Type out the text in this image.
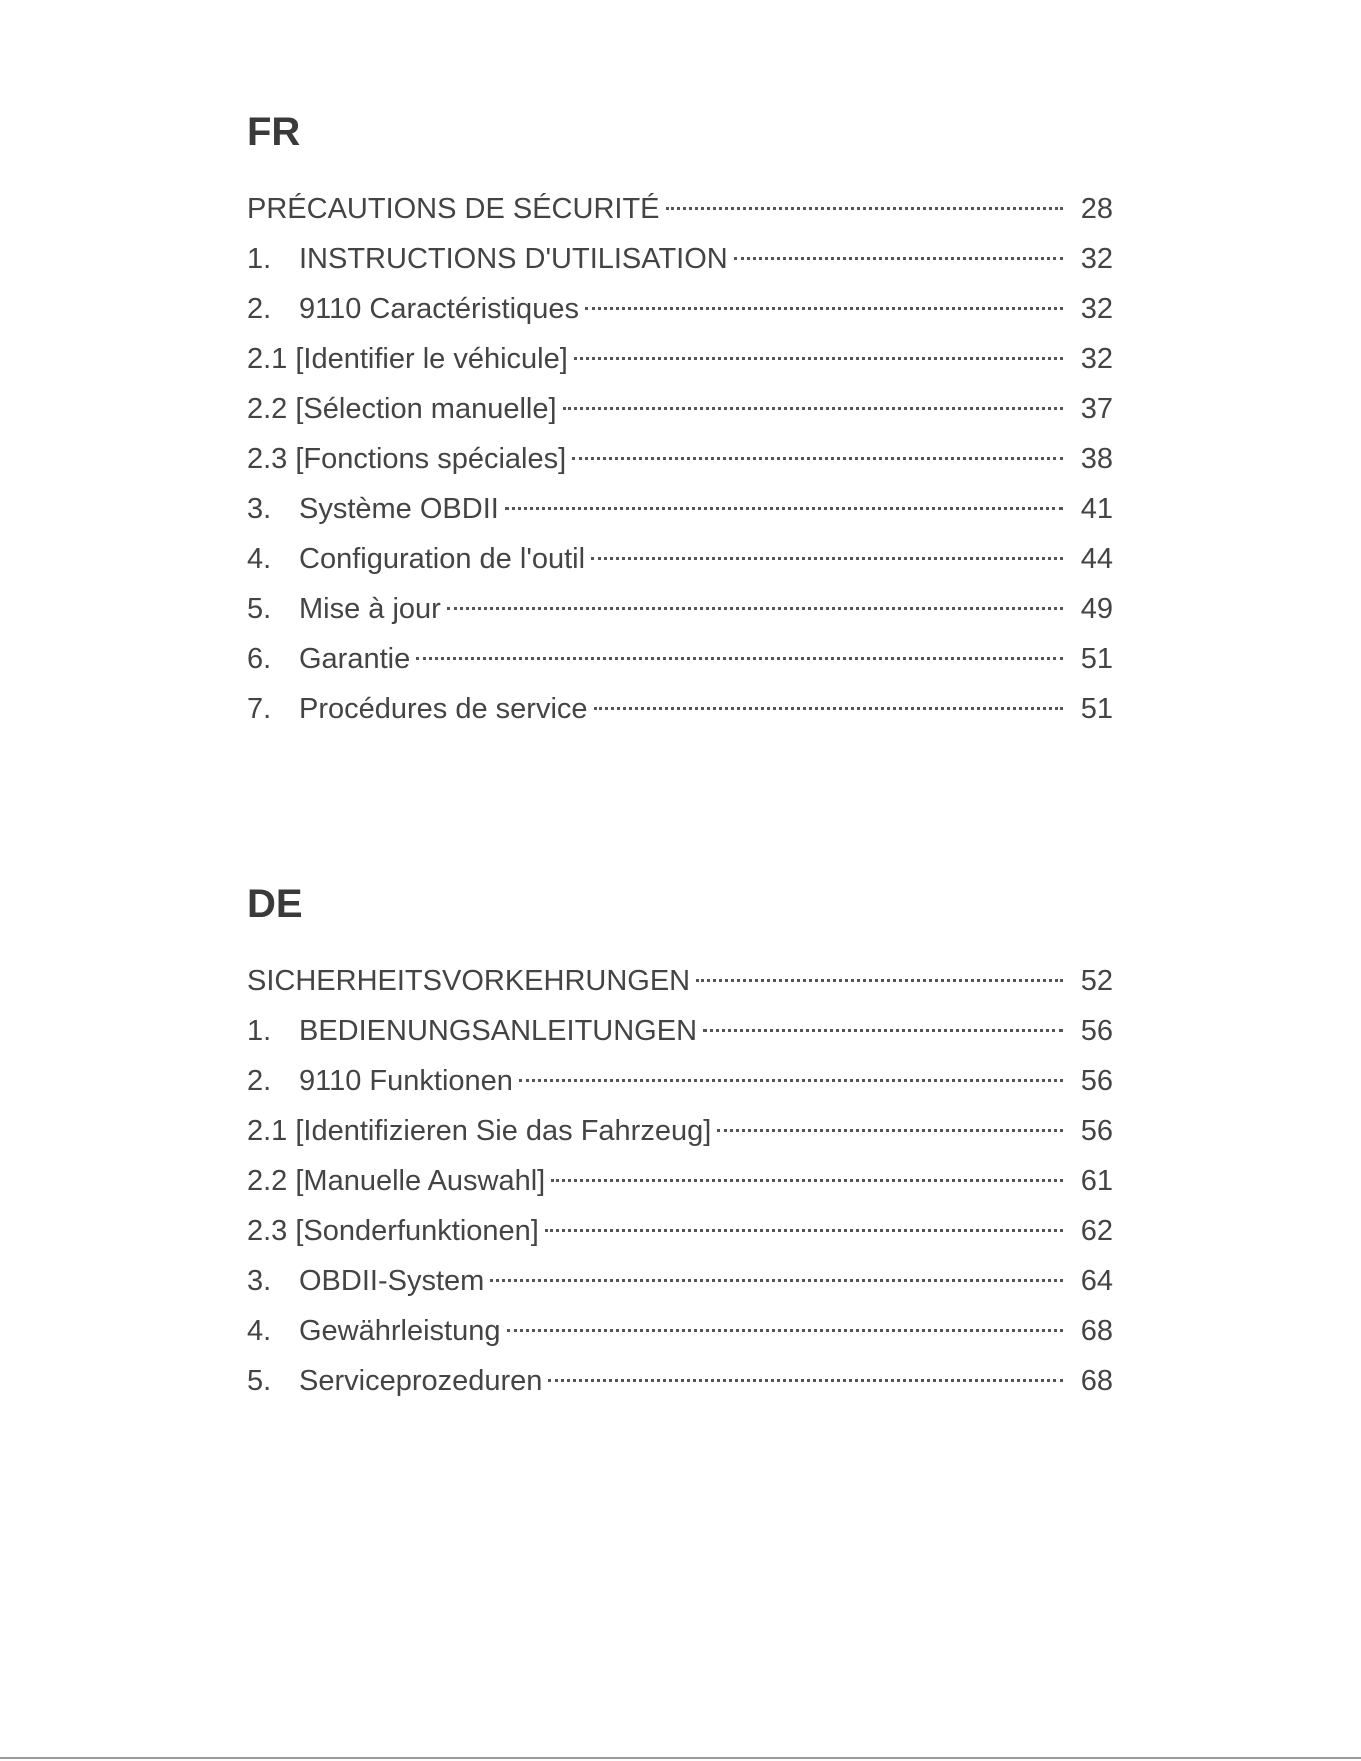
FR
PRÉCAUTIONS DE SÉCURITÉ	28
1. INSTRUCTIONS D'UTILISATION	32
2. 9110 Caractéristiques	32
2.1 [Identifier le véhicule]	32
2.2 [Sélection manuelle]	37
2.3 [Fonctions spéciales]	38
3. Système OBDII	41
4. Configuration de l'outil	44
5. Mise à jour	49
6. Garantie	51
7. Procédures de service	51
DE
SICHERHEITSVORKEHRUNGEN	52
1. BEDIENUNGSANLEITUNGEN	56
2. 9110 Funktionen	56
2.1 [Identifizieren Sie das Fahrzeug]	56
2.2 [Manuelle Auswahl]	61
2.3 [Sonderfunktionen]	62
3. OBDII-System	64
4. Gewährleistung	68
5. Serviceprozeduren	68
